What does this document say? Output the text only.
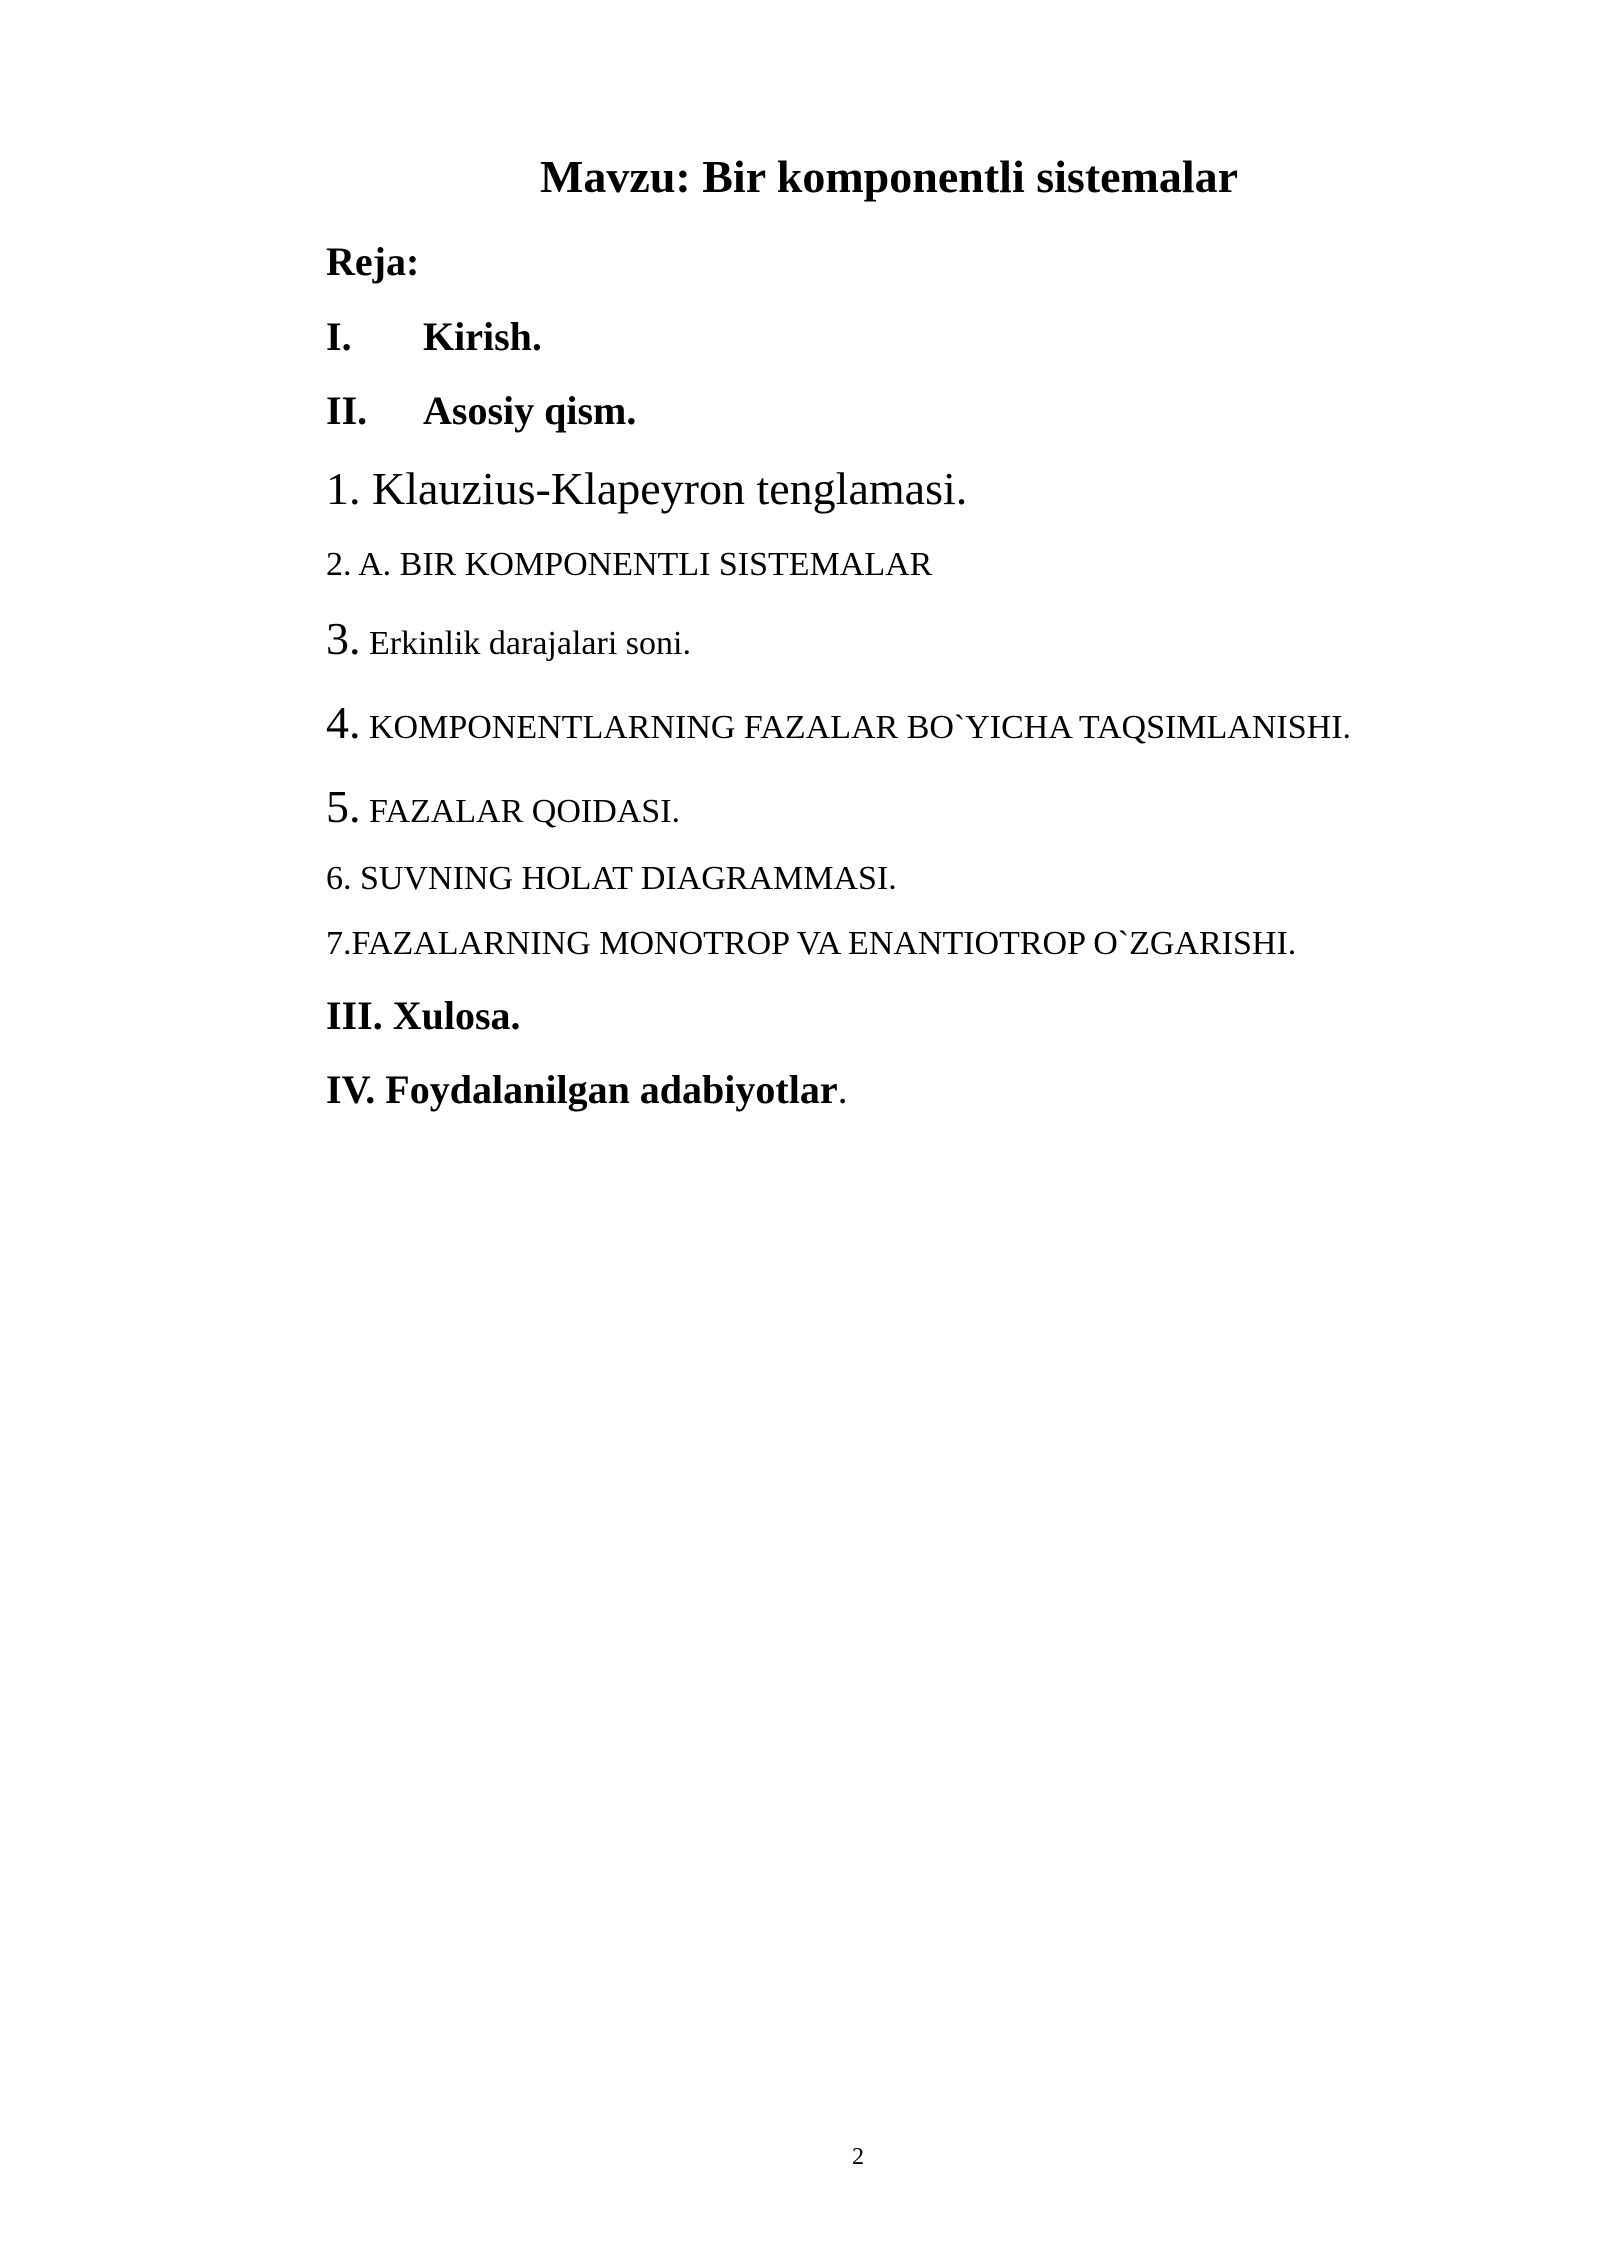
Mavzu: Bir komponentli sistemalar
Reja:
I. Kirish.
II. Asosiy qism.
1. Klauzius-Klapeyron tenglamasi.
2. A. BIR KOMPONENTLI SISTEMALAR
3. Erkinlik darajalari soni.
4. KOMPONENTLARNING FAZALAR BO`YICHA TAQSIMLANISHI.
5. FAZALAR QOIDASI.
6. SUVNING HOLAT DIAGRAMMASI.
7.FAZALARNING MONOTROP VA ENANTIOTROP O`ZGARISHI.
III. Xulosa.
IV. Foydalanilgan adabiyotlar.
2
